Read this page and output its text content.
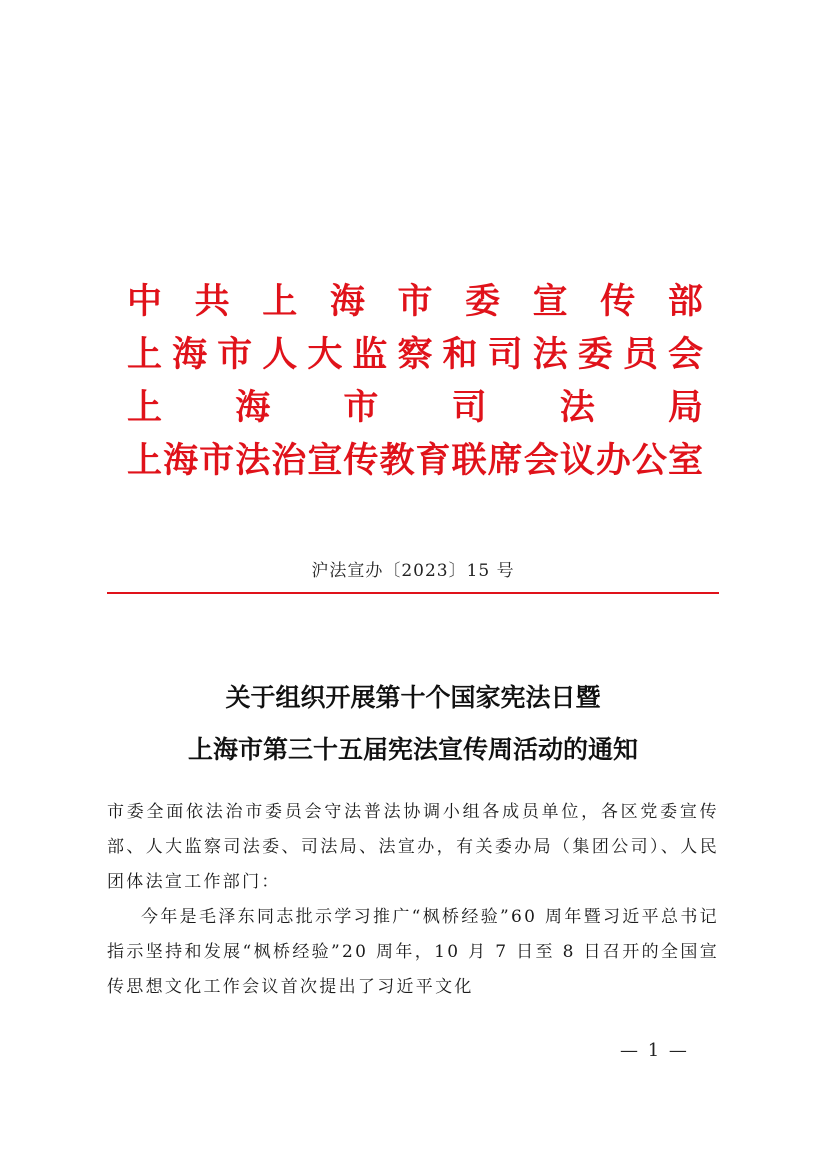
中 共 上 海 市 委 宣 传 部
上 海 市 人 大 监 察 和 司 法 委 员 会
上 海 市 司 法 局
上 海 市 法 治 宣 传 教 育 联 席 会 议 办 公 室
沪法宣办〔2023〕15 号
关于组织开展第十个国家宪法日暨
上海市第三十五届宪法宣传周活动的通知

市委全面依法治市委员会守法普法协调小组各成员单位，各区党委宣传部、人大监察司法委、司法局、法宣办，有关委办局（集团公司）、人民团体法宣工作部门：

今年是毛泽东同志批示学习推广“枫桥经验”60 周年暨习近平总书记指示坚持和发展“枫桥经验”20 周年，10 月 7 日至 8 日召开的全国宣传思想文化工作会议首次提出了习近平文化

— 1 —
